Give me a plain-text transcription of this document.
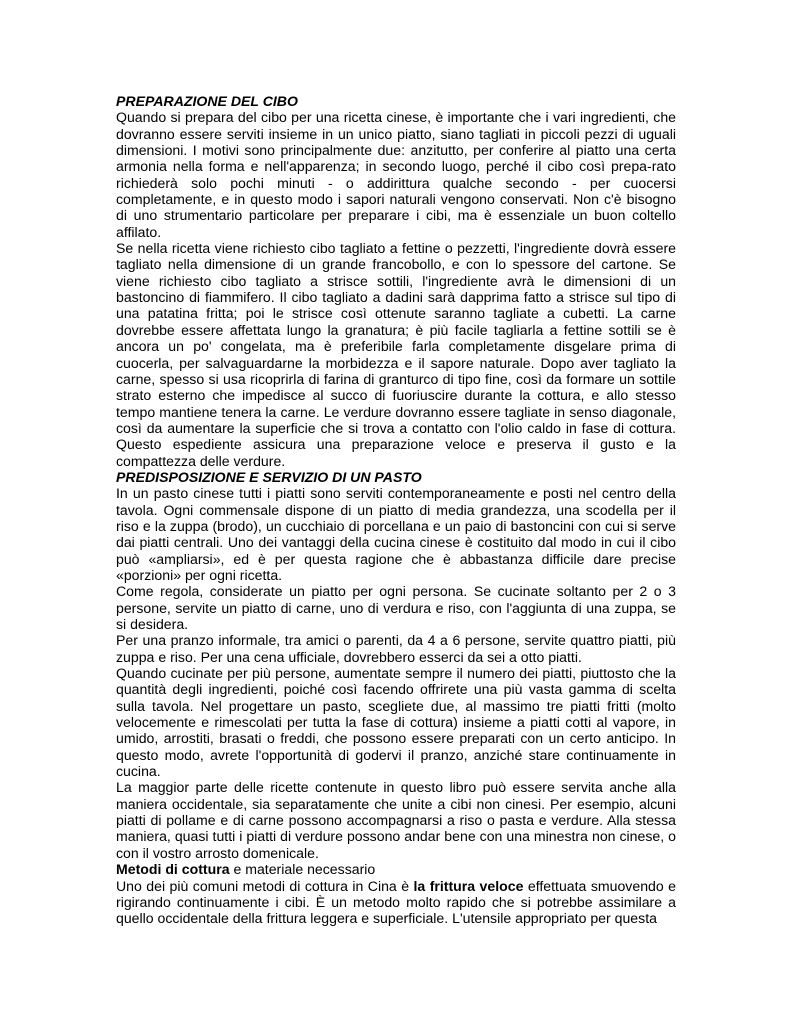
PREPARAZIONE DEL CIBO

Quando si prepara del cibo per una ricetta cinese, è importante che i vari ingredienti, che dovranno essere serviti insieme in un unico piatto, siano tagliati in piccoli pezzi di uguali dimensioni. I motivi sono principalmente due: anzitutto, per conferire al piatto una certa armonia nella forma e nell'apparenza; in secondo luogo, perché il cibo così prepa-rato richiederà solo pochi minuti - o addirittura qualche secondo - per cuocersi completamente, e in questo modo i sapori naturali vengono conservati. Non c'è bisogno di uno strumentario particolare per preparare i cibi, ma è essenziale un buon coltello affilato.

Se nella ricetta viene richiesto cibo tagliato a fettine o pezzetti, l'ingrediente dovrà essere tagliato nella dimensione di un grande francobollo, e con lo spessore del cartone. Se viene richiesto cibo tagliato a strisce sottili, l'ingrediente avrà le dimensioni di un bastoncino di fiammifero. Il cibo tagliato a dadini sarà dapprima fatto a strisce sul tipo di una patatina fritta; poi le strisce così ottenute saranno tagliate a cubetti. La carne dovrebbe essere affettata lungo la granatura; è più facile tagliarla a fettine sottili se è ancora un po' congelata, ma è preferibile farla completamente disgelare prima di cuocerla, per salvaguardarne la morbidezza e il sapore naturale. Dopo aver tagliato la carne, spesso si usa ricoprirla di farina di granturco di tipo fine, così da formare un sottile strato esterno che impedisce al succo di fuoriuscire durante la cottura, e allo stesso tempo mantiene tenera la carne. Le verdure dovranno essere tagliate in senso diagonale, così da aumentare la superficie che si trova a contatto con l'olio caldo in fase di cottura. Questo espediente assicura una preparazione veloce e preserva il gusto e la compattezza delle verdure.

PREDISPOSIZIONE E SERVIZIO DI UN PASTO

In un pasto cinese tutti i piatti sono serviti contemporaneamente e posti nel centro della tavola. Ogni commensale dispone di un piatto di media grandezza, una scodella per il riso e la zuppa (brodo), un cucchiaio di porcellana e un paio di bastoncini con cui si serve dai piatti centrali. Uno dei vantaggi della cucina cinese è costituito dal modo in cui il cibo può «ampliarsi», ed è per questa ragione che è abbastanza difficile dare precise «porzioni» per ogni ricetta.

Come regola, considerate un piatto per ogni persona. Se cucinate soltanto per 2 o 3 persone, servite un piatto di carne, uno di verdura e riso, con l'aggiunta di una zuppa, se si desidera.

Per una pranzo informale, tra amici o parenti, da 4 a 6 persone, servite quattro piatti, più zuppa e riso. Per una cena ufficiale, dovrebbero esserci da sei a otto piatti.

Quando cucinate per più persone, aumentate sempre il numero dei piatti, piuttosto che la quantità degli ingredienti, poiché così facendo offrirete una più vasta gamma di scelta sulla tavola. Nel progettare un pasto, scegliete due, al massimo tre piatti fritti (molto velocemente e rimescolati per tutta la fase di cottura) insieme a piatti cotti al vapore, in umido, arrostiti, brasati o freddi, che possono essere preparati con un certo anticipo. In questo modo, avrete l'opportunità di godervi il pranzo, anziché stare continuamente in cucina.

La maggior parte delle ricette contenute in questo libro può essere servita anche alla maniera occidentale, sia separatamente che unite a cibi non cinesi. Per esempio, alcuni piatti di pollame e di carne possono accompagnarsi a riso o pasta e verdure. Alla stessa maniera, quasi tutti i piatti di verdure possono andar bene con una minestra non cinese, o con il vostro arrosto domenicale.

Metodi di cottura e materiale necessario

Uno dei più comuni metodi di cottura in Cina è la frittura veloce effettuata smuovendo e rigirando continuamente i cibi. È un metodo molto rapido che si potrebbe assimilare a quello occidentale della frittura leggera e superficiale. L'utensile appropriato per questa
